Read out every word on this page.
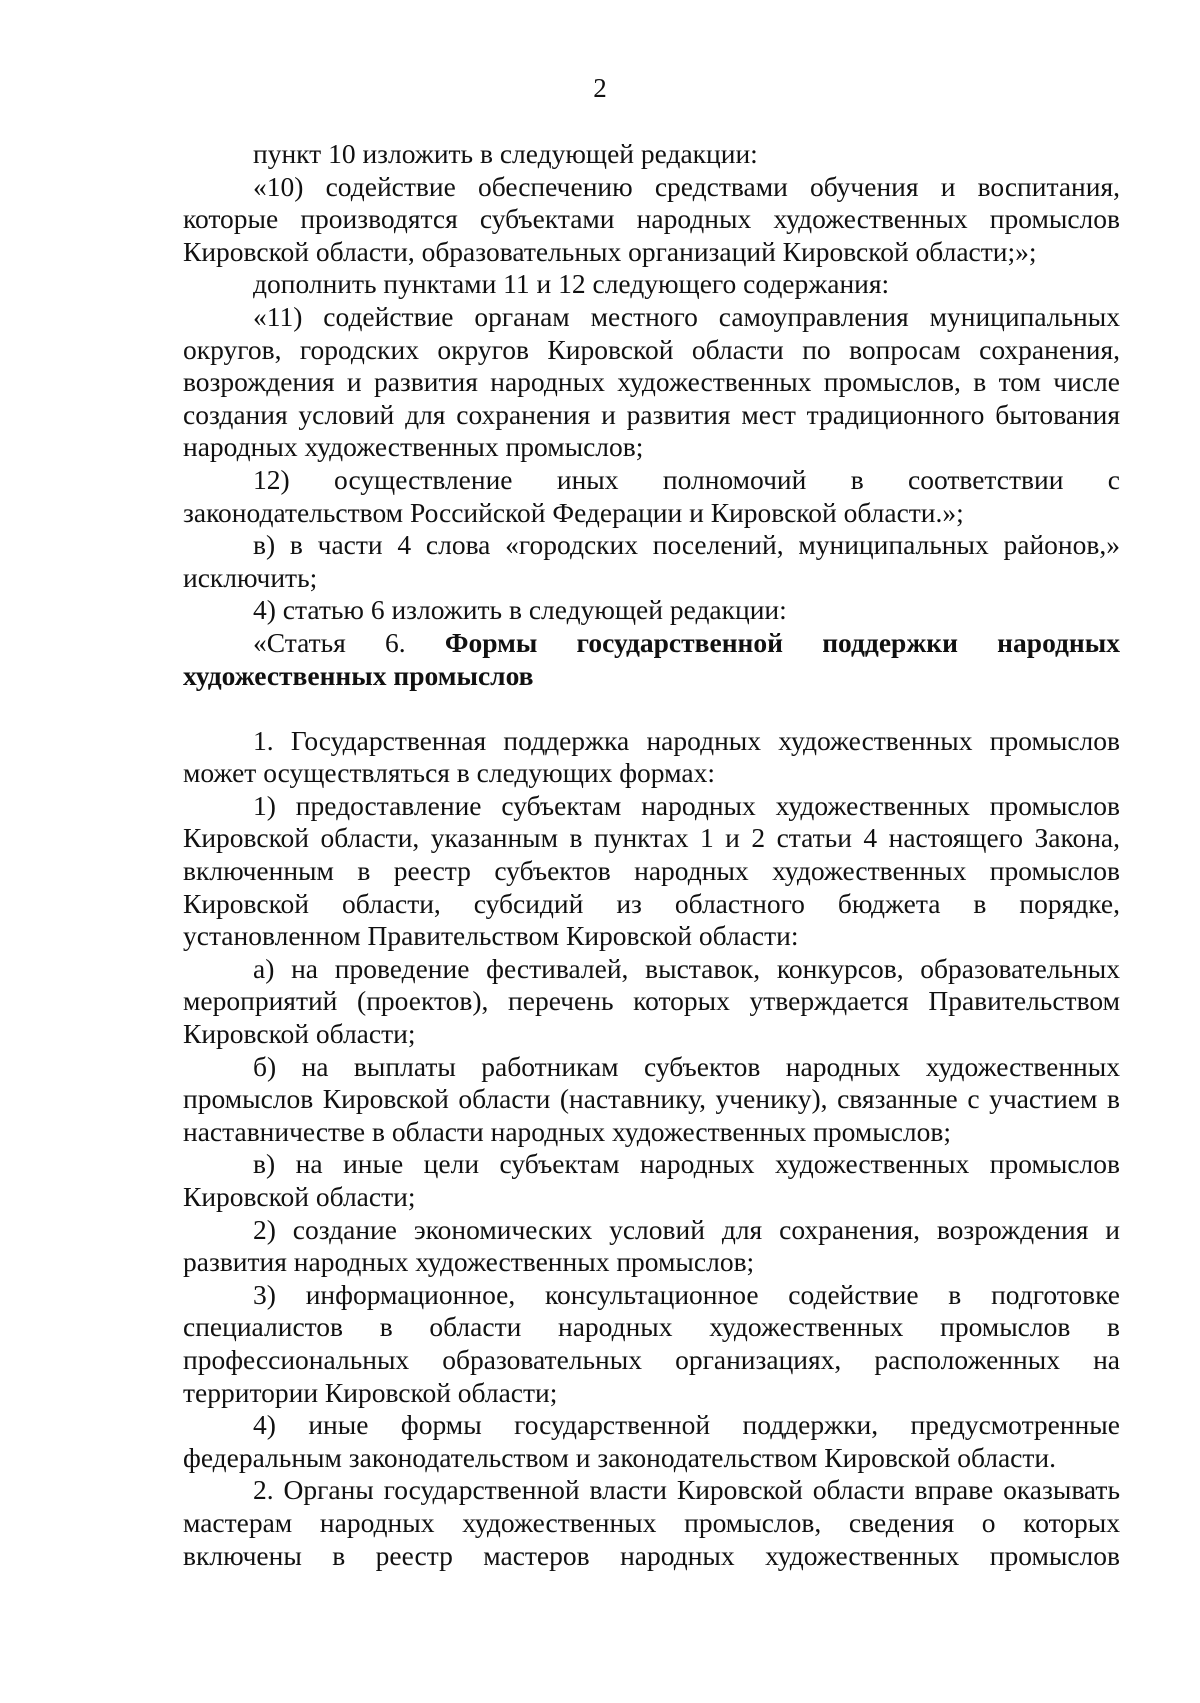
2

пункт 10 изложить в следующей редакции:

«10) содействие обеспечению средствами обучения и воспитания, которые производятся субъектами народных художественных промыслов Кировской области, образовательных организаций Кировской области;»;

дополнить пунктами 11 и 12 следующего содержания:

«11) содействие органам местного самоуправления муниципальных округов, городских округов Кировской области по вопросам сохранения, возрождения и развития народных художественных промыслов, в том числе создания условий для сохранения и развития мест традиционного бытования народных художественных промыслов;

12) осуществление иных полномочий в соответствии с законодательством Российской Федерации и Кировской области.»;

в) в части 4 слова «городских поселений, муниципальных районов,» исключить;

4) статью 6 изложить в следующей редакции:

«Статья 6. Формы государственной поддержки народных художественных промыслов

1. Государственная поддержка народных художественных промыслов может осуществляться в следующих формах:

1) предоставление субъектам народных художественных промыслов Кировской области, указанным в пунктах 1 и 2 статьи 4 настоящего Закона, включенным в реестр субъектов народных художественных промыслов Кировской области, субсидий из областного бюджета в порядке, установленном Правительством Кировской области:

а) на проведение фестивалей, выставок, конкурсов, образовательных мероприятий (проектов), перечень которых утверждается Правительством Кировской области;

б) на выплаты работникам субъектов народных художественных промыслов Кировской области (наставнику, ученику), связанные с участием в наставничестве в области народных художественных промыслов;

в) на иные цели субъектам народных художественных промыслов Кировской области;

2) создание экономических условий для сохранения, возрождения и развития народных художественных промыслов;

3) информационное, консультационное содействие в подготовке специалистов в области народных художественных промыслов в профессиональных образовательных организациях, расположенных на территории Кировской области;

4) иные формы государственной поддержки, предусмотренные федеральным законодательством и законодательством Кировской области.

2. Органы государственной власти Кировской области вправе оказывать мастерам народных художественных промыслов, сведения о которых включены в реестр мастеров народных художественных промыслов
